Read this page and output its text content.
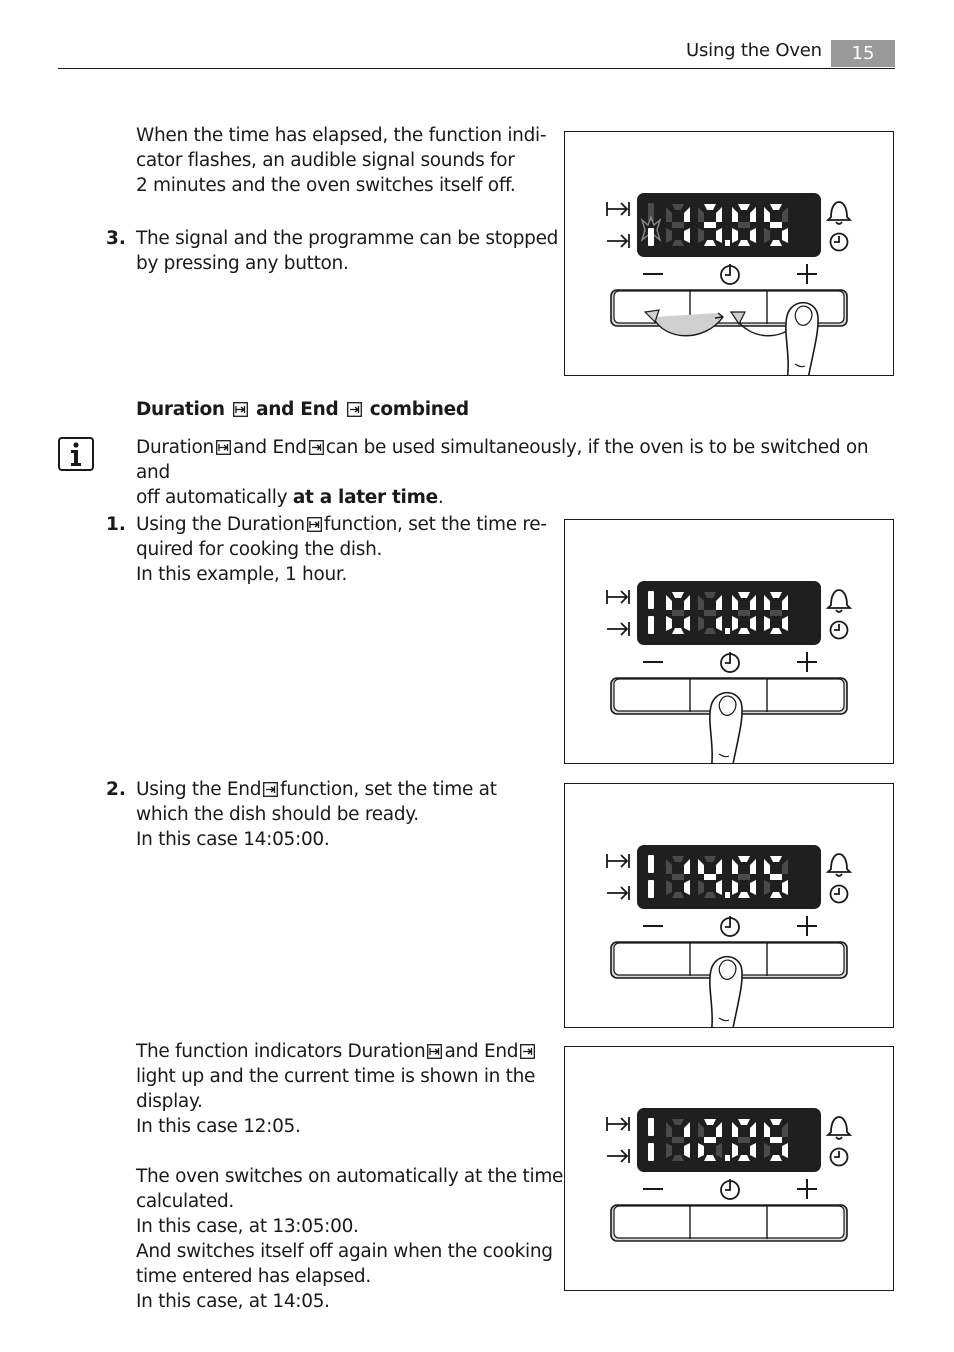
Using the Oven	15

When the time has elapsed, the function indi-

cator flashes, an audible signal sounds for

2 minutes and the oven switches itself off.

3. The signal and the programme can be stopped

by pressing any button.

Duration and End combined

Duration and End can be used simultaneously, if the oven is to be switched on and

off automatically at a later time.

1. Using the Duration function, set the time re-

quired for cooking the dish.

In this example, 1 hour.

2. Using the End function, set the time at

which the dish should be ready.

In this case 14:05:00.

The function indicators Duration and End

light up and the current time is shown in the

display.

In this case 12:05.

The oven switches on automatically at the time

calculated.

In this case, at 13:05:00.

And switches itself off again when the cooking

time entered has elapsed.

In this case, at 14:05.
